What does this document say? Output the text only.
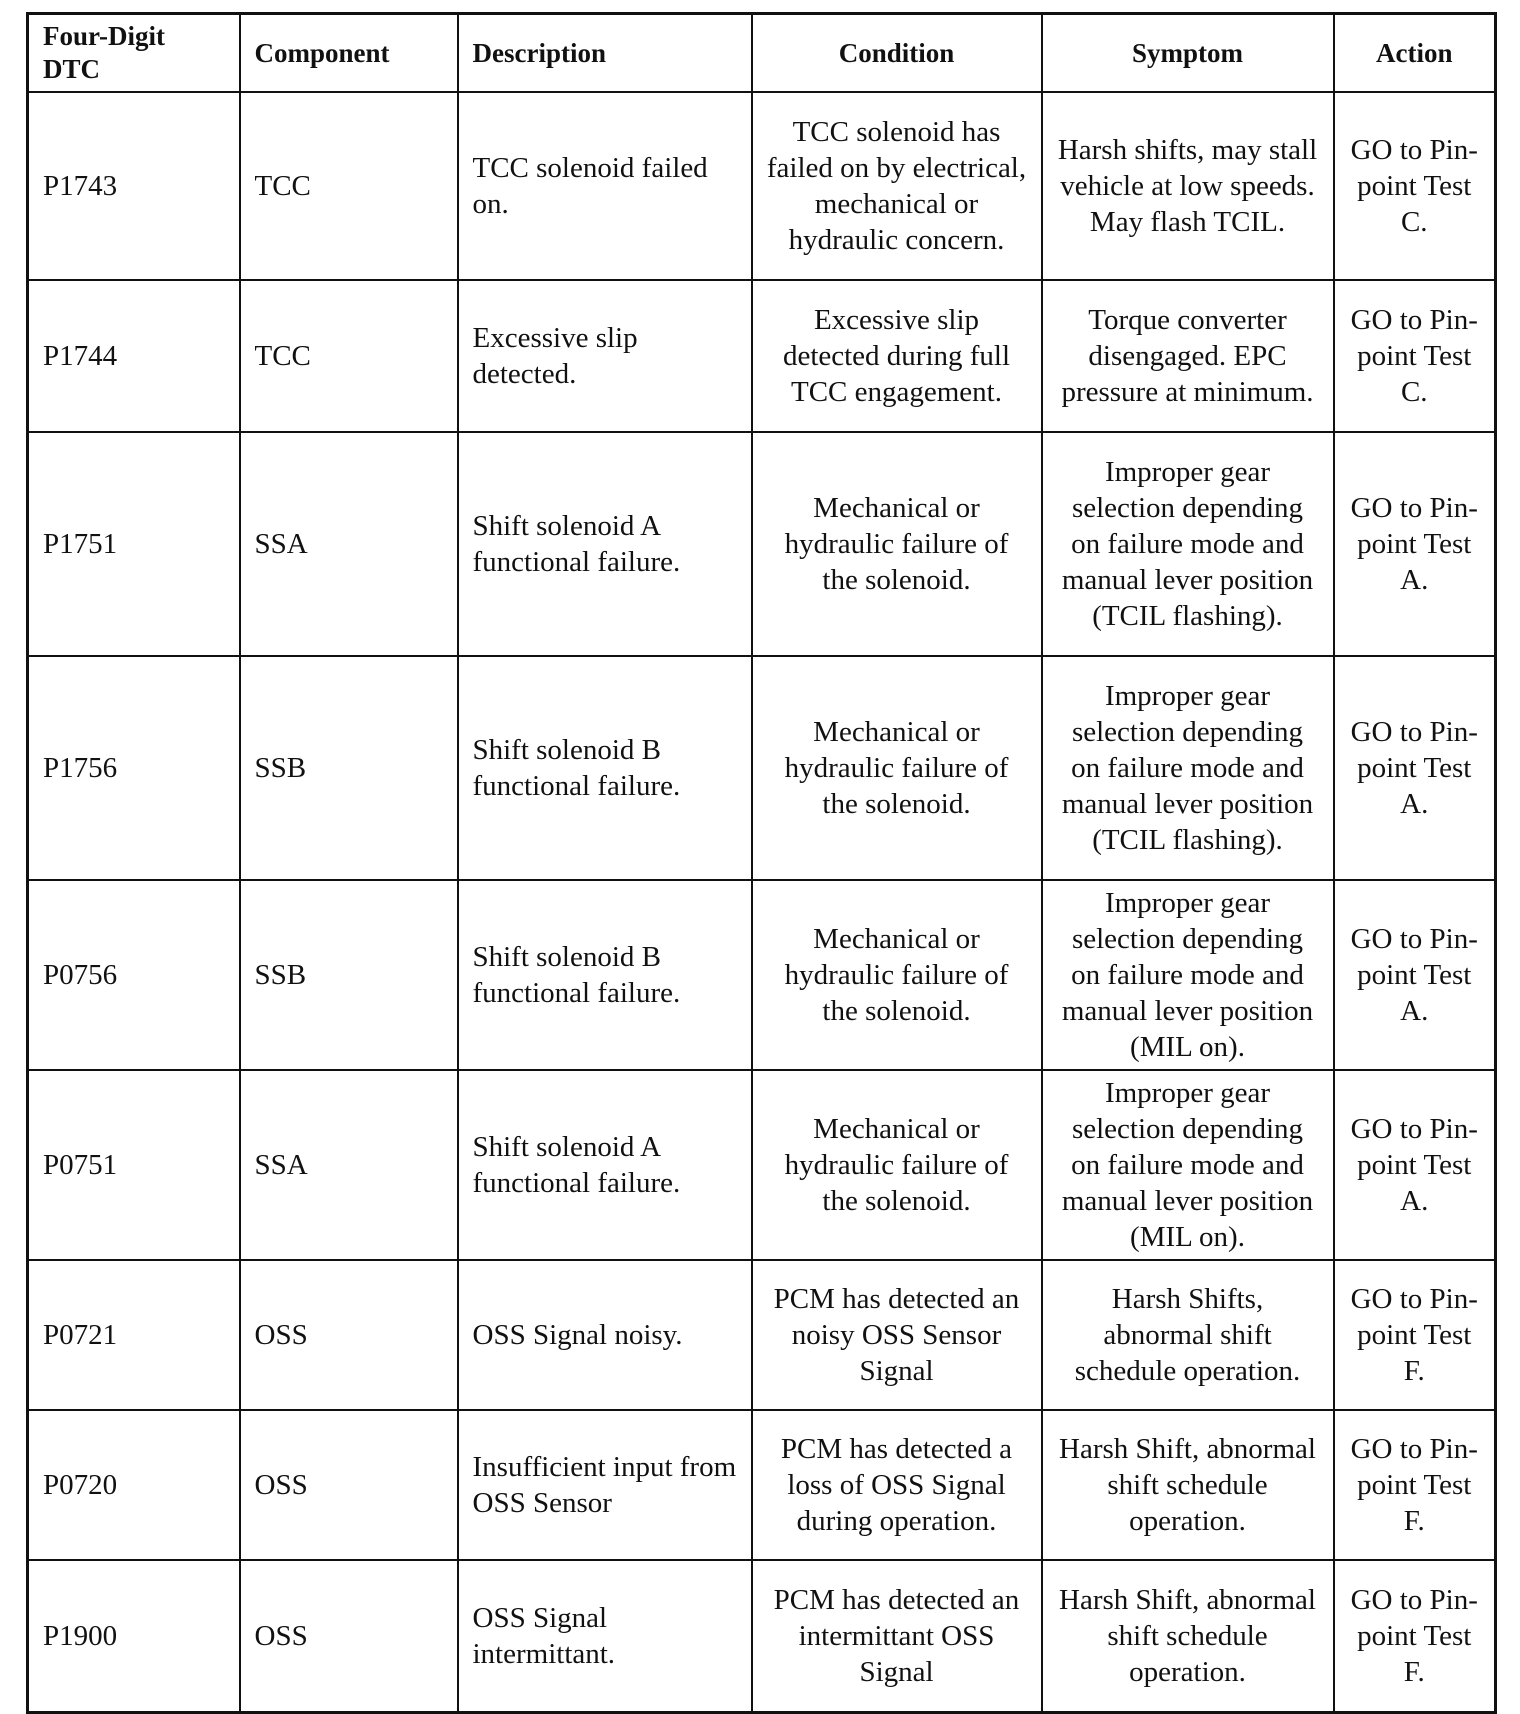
Four-Digit DTC	Component	Description	Condition	Symptom	Action
P1743	TCC	TCC solenoid failed on.	TCC solenoid has failed on by electrical, mechanical or hydraulic concern.	Harsh shifts, may stall vehicle at low speeds. May flash TCIL.	GO to Pin-point Test C.
P1744	TCC	Excessive slip detected.	Excessive slip detected during full TCC engagement.	Torque converter disengaged. EPC pressure at minimum.	GO to Pin-point Test C.
P1751	SSA	Shift solenoid A functional failure.	Mechanical or hydraulic failure of the solenoid.	Improper gear selection depending on failure mode and manual lever position (TCIL flashing).	GO to Pin-point Test A.
P1756	SSB	Shift solenoid B functional failure.	Mechanical or hydraulic failure of the solenoid.	Improper gear selection depending on failure mode and manual lever position (TCIL flashing).	GO to Pin-point Test A.
P0756	SSB	Shift solenoid B functional failure.	Mechanical or hydraulic failure of the solenoid.	Improper gear selection depending on failure mode and manual lever position (MIL on).	GO to Pin-point Test A.
P0751	SSA	Shift solenoid A functional failure.	Mechanical or hydraulic failure of the solenoid.	Improper gear selection depending on failure mode and manual lever position (MIL on).	GO to Pin-point Test A.
P0721	OSS	OSS Signal noisy.	PCM has detected an noisy OSS Sensor Signal	Harsh Shifts, abnormal shift schedule operation.	GO to Pin-point Test F.
P0720	OSS	Insufficient input from OSS Sensor	PCM has detected a loss of OSS Signal during operation.	Harsh Shift, abnormal shift schedule operation.	GO to Pin-point Test F.
P1900	OSS	OSS Signal intermittant.	PCM has detected an intermittant OSS Signal	Harsh Shift, abnormal shift schedule operation.	GO to Pin-point Test F.
